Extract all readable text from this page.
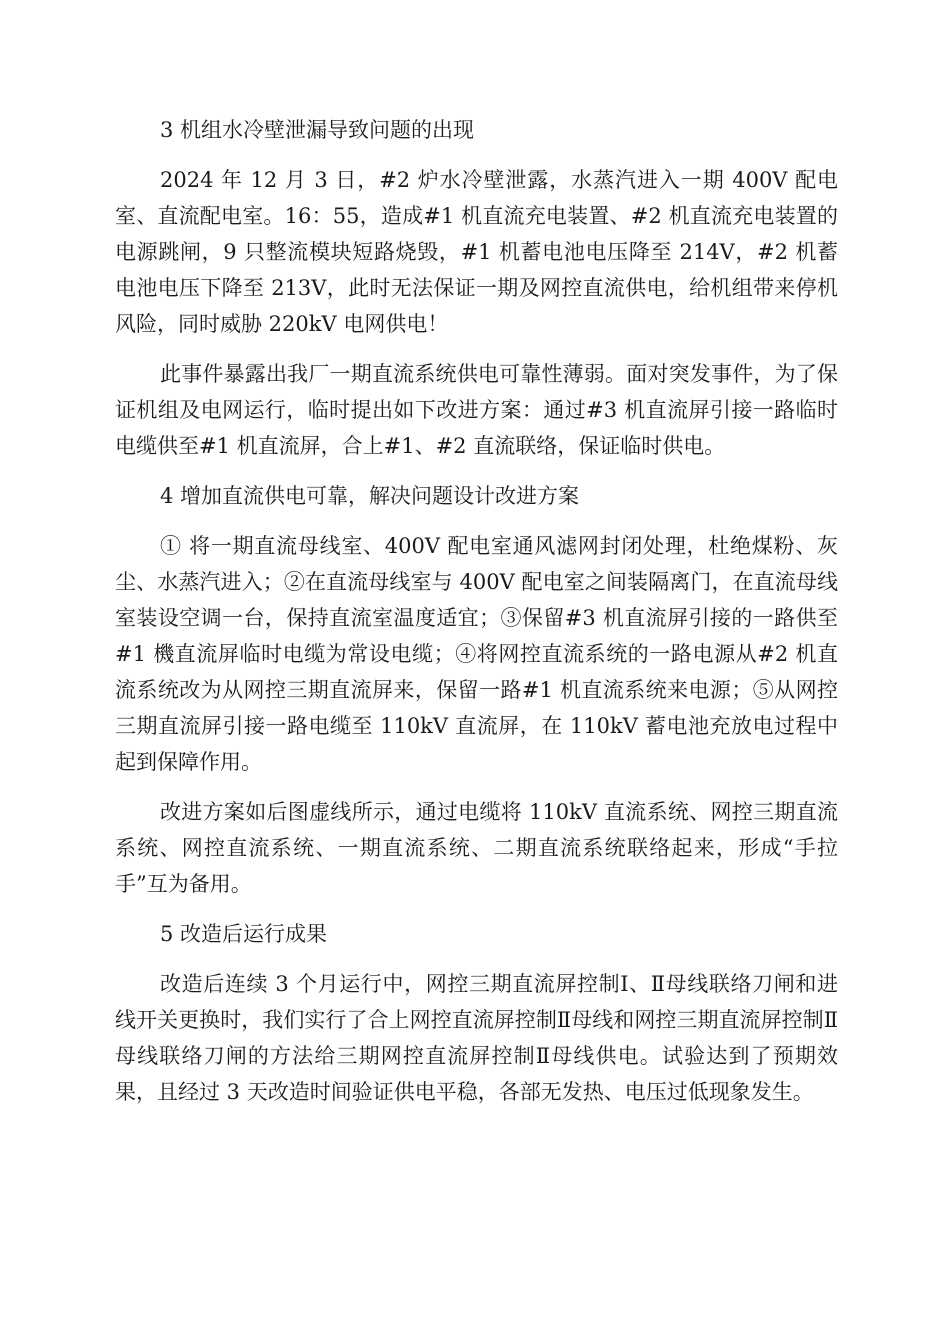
3 机组水冷壁泄漏导致问题的出现

2024 年 12 月 3 日，#2 炉水冷壁泄露，水蒸汽进入一期 400V 配电室、直流配电室。16：55，造成#1 机直流充电装置、#2 机直流充电装置的电源跳闸，9 只整流模块短路烧毁，#1 机蓄电池电压降至 214V，#2 机蓄电池电压下降至 213V，此时无法保证一期及网控直流供电，给机组带来停机风险，同时威胁 220kV 电网供电！

此事件暴露出我厂一期直流系统供电可靠性薄弱。面对突发事件，为了保证机组及电网运行，临时提出如下改进方案：通过#3 机直流屏引接一路临时电缆供至#1 机直流屏，合上#1、#2 直流联络，保证临时供电。

4 增加直流供电可靠，解决问题设计改进方案

① 将一期直流母线室、400V 配电室通风滤网封闭处理，杜绝煤粉、灰尘、水蒸汽进入；②在直流母线室与 400V 配电室之间装隔离门，在直流母线室装设空调一台，保持直流室温度适宜；③保留#3 机直流屏引接的一路供至#1 機直流屏临时电缆为常设电缆；④将网控直流系统的一路电源从#2 机直流系统改为从网控三期直流屏来，保留一路#1 机直流系统来电源；⑤从网控三期直流屏引接一路电缆至 110kV 直流屏，在 110kV 蓄电池充放电过程中起到保障作用。

改进方案如后图虚线所示，通过电缆将 110kV 直流系统、网控三期直流系统、网控直流系统、一期直流系统、二期直流系统联络起来，形成“手拉手”互为备用。

5 改造后运行成果

改造后连续 3 个月运行中，网控三期直流屏控制Ⅰ、Ⅱ母线联络刀闸和进线开关更换时，我们实行了合上网控直流屏控制Ⅱ母线和网控三期直流屏控制Ⅱ母线联络刀闸的方法给三期网控直流屏控制Ⅱ母线供电。试验达到了预期效果，且经过 3 天改造时间验证供电平稳，各部无发热、电压过低现象发生。
